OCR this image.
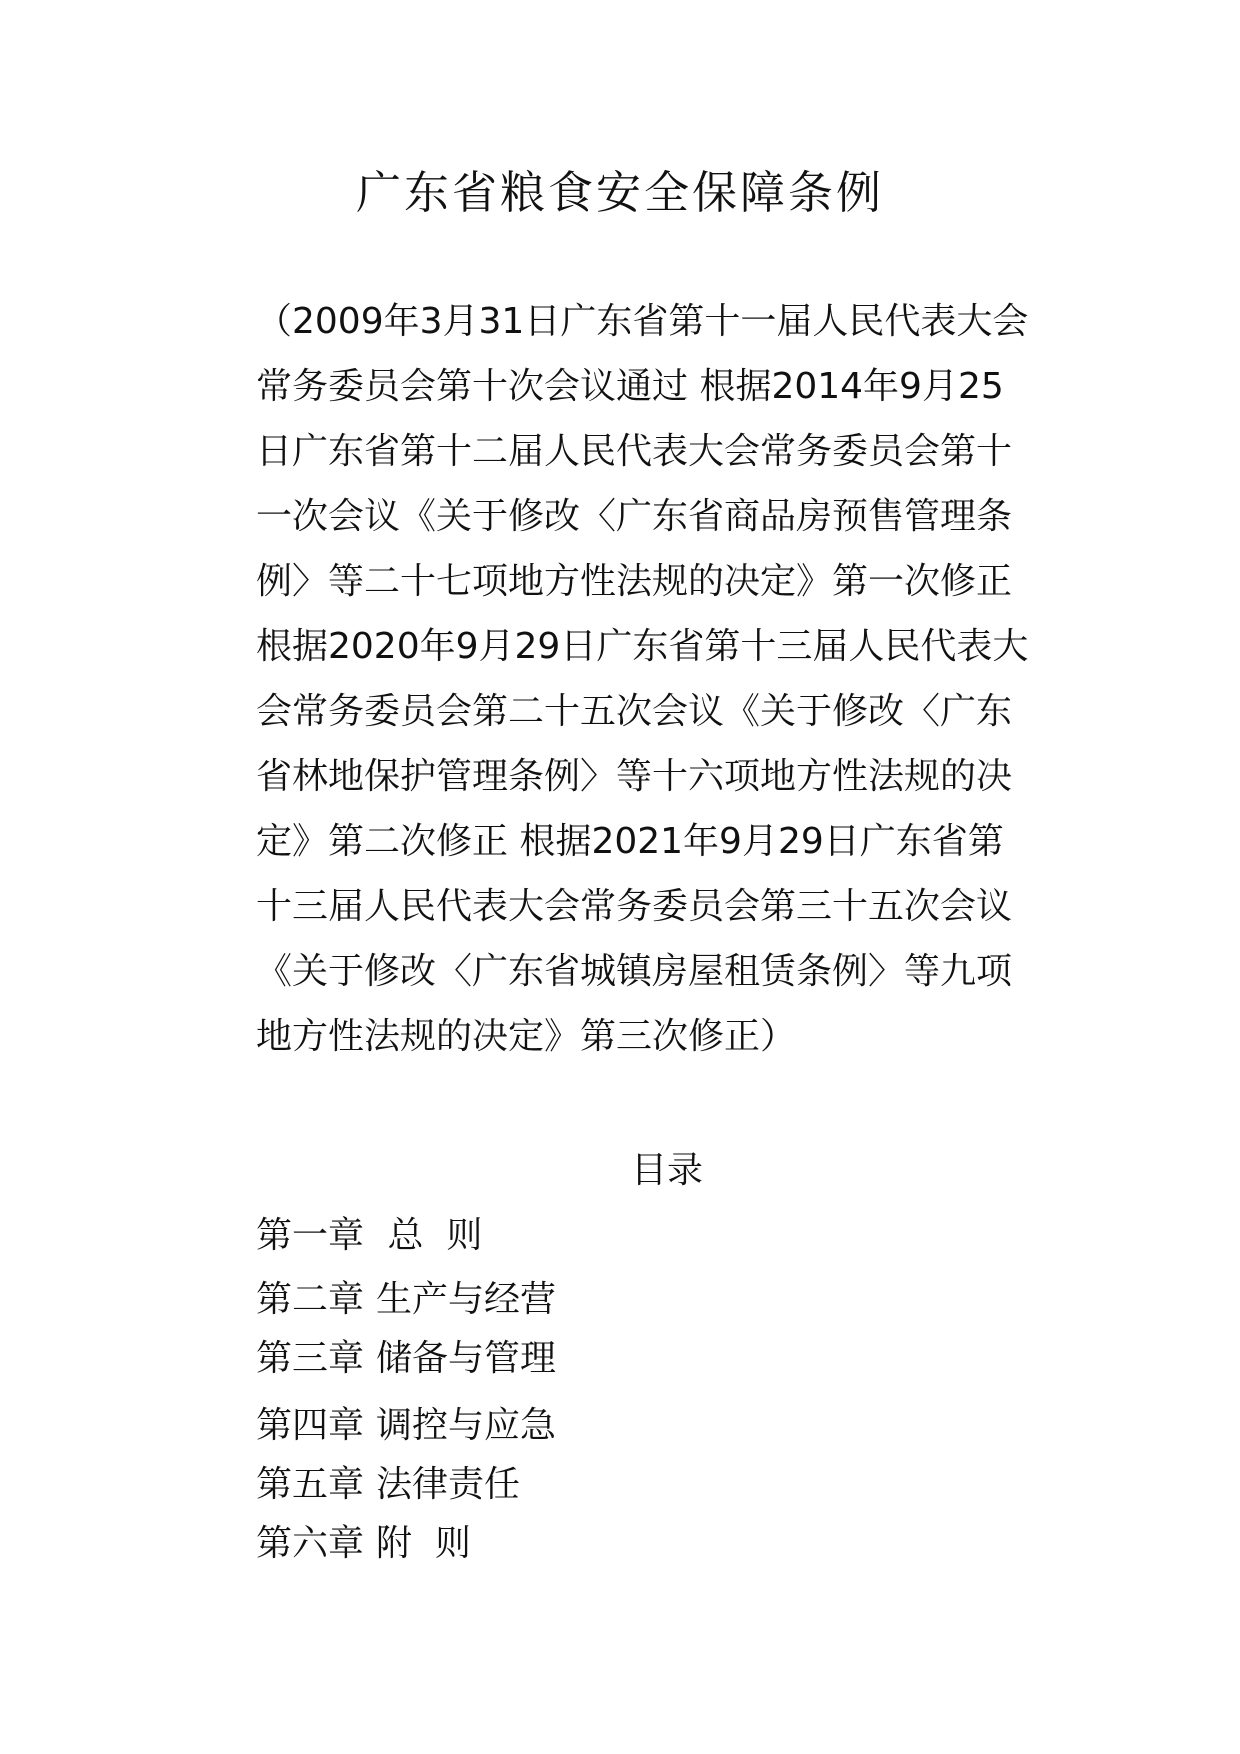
广东省粮食安全保障条例
（2009年3月31日广东省第十一届人民代表大会
常务委员会第十次会议通过 根据2014年9月25
日广东省第十二届人民代表大会常务委员会第十
一次会议《关于修改〈广东省商品房预售管理条
例〉等二十七项地方性法规的决定》第一次修正
根据2020年9月29日广东省第十三届人民代表大
会常务委员会第二十五次会议《关于修改〈广东
省林地保护管理条例〉等十六项地方性法规的决
定》第二次修正 根据2021年9月29日广东省第
十三届人民代表大会常务委员会第三十五次会议
《关于修改〈广东省城镇房屋租赁条例〉等九项
地方性法规的决定》第三次修正）
目录
第一章 总  则
第二章 生产与经营
第三章 储备与管理
第四章 调控与应急
第五章 法律责任
第六章 附  则
